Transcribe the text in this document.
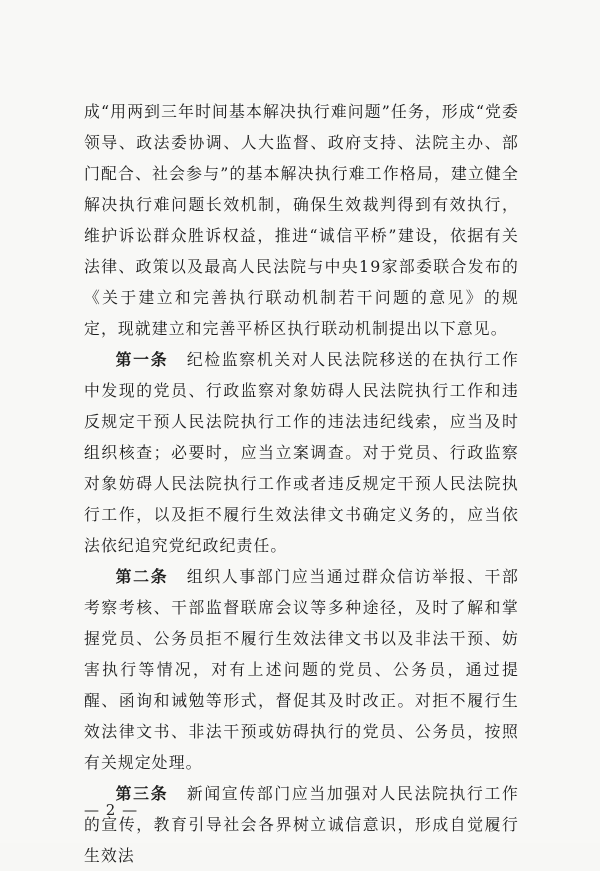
成“用两到三年时间基本解决执行难问题”任务，形成“党委领导、政法委协调、人大监督、政府支持、法院主办、部门配合、社会参与”的基本解决执行难工作格局，建立健全解决执行难问题长效机制，确保生效裁判得到有效执行，维护诉讼群众胜诉权益，推进“诚信平桥”建设，依据有关法律、政策以及最高人民法院与中央19家部委联合发布的《关于建立和完善执行联动机制若干问题的意见》的规定，现就建立和完善平桥区执行联动机制提出以下意见。

第一条 纪检监察机关对人民法院移送的在执行工作中发现的党员、行政监察对象妨碍人民法院执行工作和违反规定干预人民法院执行工作的违法违纪线索，应当及时组织核查；必要时，应当立案调查。对于党员、行政监察对象妨碍人民法院执行工作或者违反规定干预人民法院执行工作，以及拒不履行生效法律文书确定义务的，应当依法依纪追究党纪政纪责任。

第二条 组织人事部门应当通过群众信访举报、干部考察考核、干部监督联席会议等多种途径，及时了解和掌握党员、公务员拒不履行生效法律文书以及非法干预、妨害执行等情况，对有上述问题的党员、公务员，通过提醒、函询和诫勉等形式，督促其及时改正。对拒不履行生效法律文书、非法干预或妨碍执行的党员、公务员，按照有关规定处理。

第三条 新闻宣传部门应当加强对人民法院执行工作的宣传，教育引导社会各界树立诚信意识，形成自觉履行生效法

— 2 —
